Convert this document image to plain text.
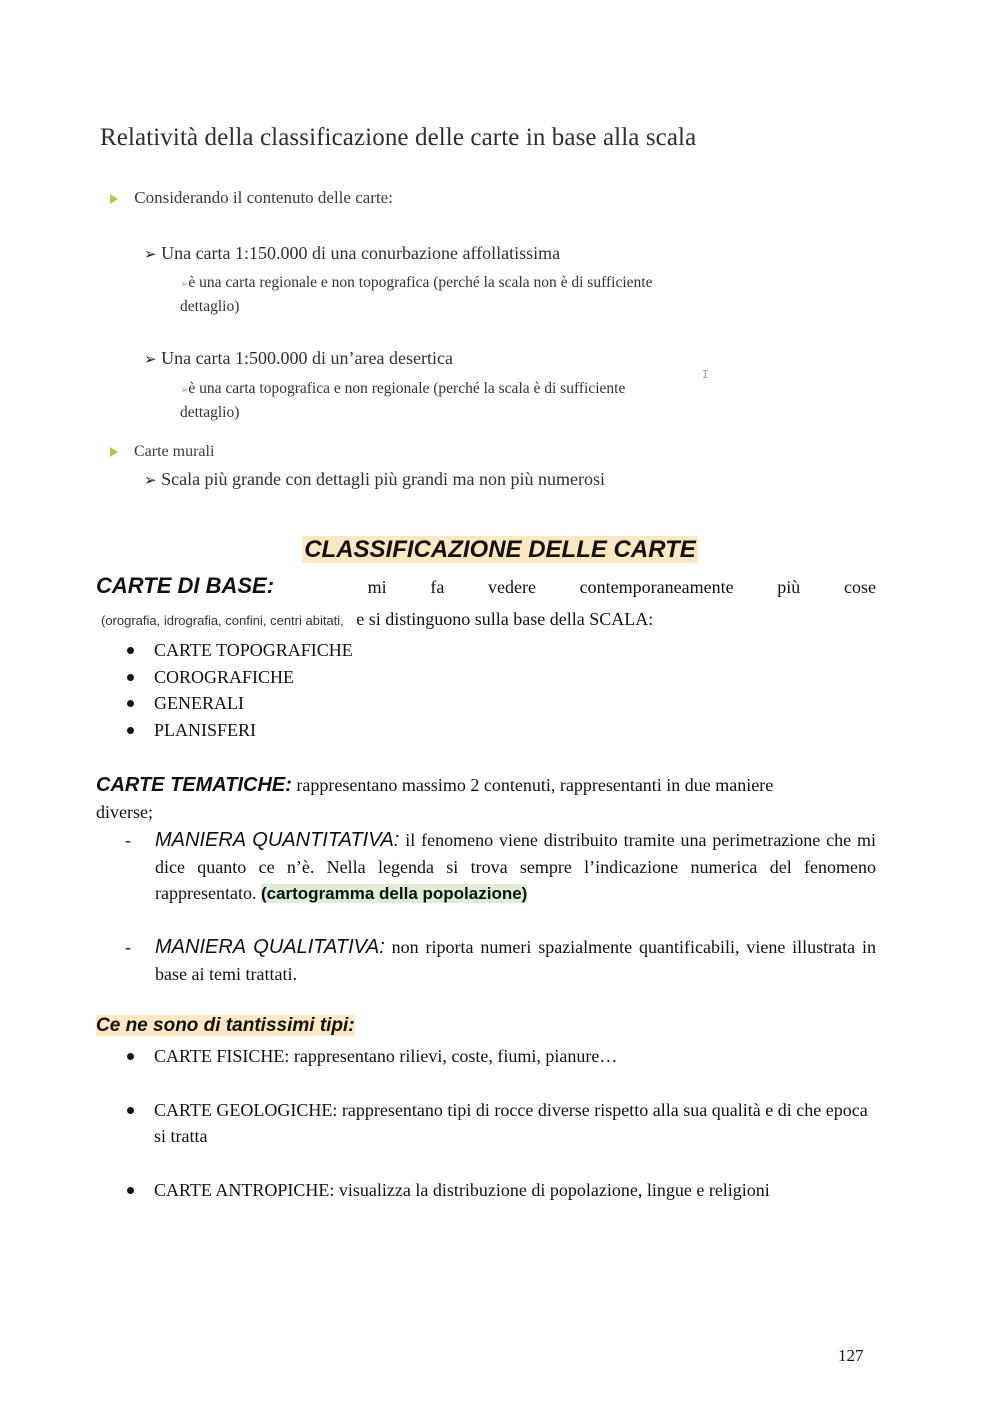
Relatività della classificazione delle carte in base alla scala
Considerando il contenuto delle carte:
➢ Una carta 1:150.000 di una conurbazione affollatissima
➢è una carta regionale e non topografica (perché la scala non è di sufficiente
dettaglio)
➢ Una carta 1:500.000 di un’area desertica
➢è una carta topografica e non regionale (perché la scala è di sufficiente
dettaglio)
I
Carte murali
➢ Scala più grande con dettagli più grandi ma non più numerosi
CLASSIFICAZIONE DELLE CARTE
CARTE DI BASE:	mi fa vedere contemporaneamente più cose
(orografia, idrografia, confini, centri abitati, e si distinguono sulla base della SCALA:
CARTE TOPOGRAFICHE
COROGRAFICHE
GENERALI
PLANISFERI
CARTE TEMATICHE: rappresentano massimo 2 contenuti, rappresentanti in due maniere
diverse;
- MANIERA QUANTITATIVA: il fenomeno viene distribuito tramite una perimetrazione che mi dice quanto ce n’è. Nella legenda si trova sempre l’indicazione numerica del fenomeno rappresentato. (cartogramma della popolazione)
- MANIERA QUALITATIVA: non riporta numeri spazialmente quantificabili, viene illustrata in base ai temi trattati.
Ce ne sono di tantissimi tipi:
CARTE FISICHE: rappresentano rilievi, coste, fiumi, pianure…
CARTE GEOLOGICHE: rappresentano tipi di rocce diverse rispetto alla sua qualità e di che epoca si tratta
CARTE ANTROPICHE: visualizza la distribuzione di popolazione, lingue e religioni
127
